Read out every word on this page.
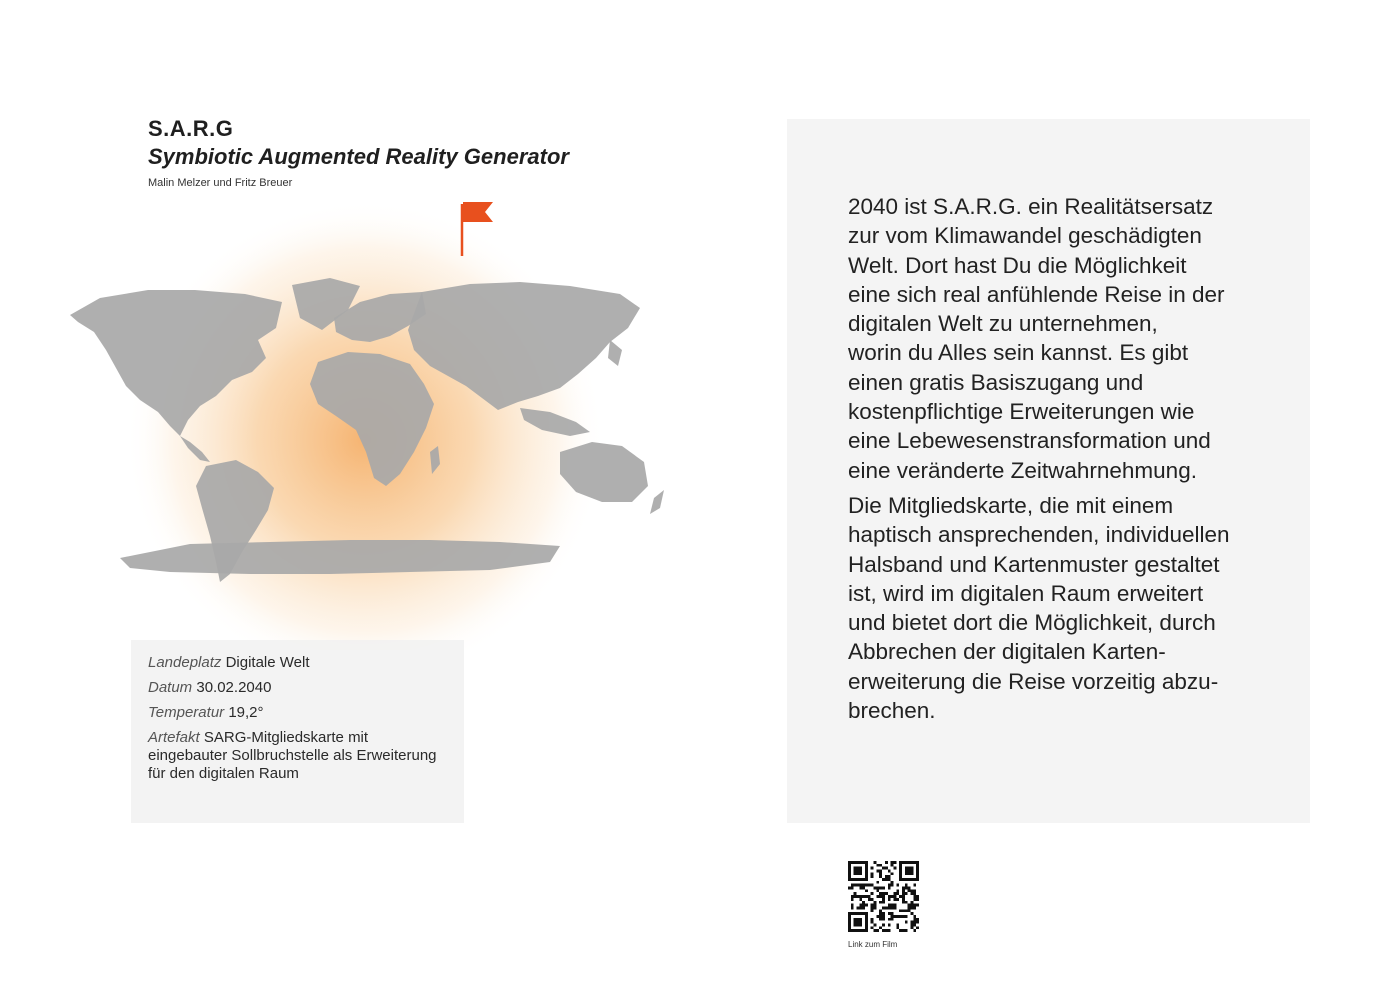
S.A.R.G
Symbiotic Augmented Reality Generator
Malin Melzer und Fritz Breuer
Landeplatz Digitale Welt
Datum 30.02.2040
Temperatur 19,2°
Artefakt SARG-Mitgliedskarte mit eingebauter Sollbruchstelle als Erweiterung für den digitalen Raum

2040 ist S.A.R.G. ein Realitätsersatz
zur vom Klimawandel geschädigten
Welt. Dort hast Du die Möglichkeit
eine sich real anfühlende Reise in der
digitalen Welt zu unternehmen,
worin du Alles sein kannst. Es gibt
einen gratis Basiszugang und
kostenpflichtige Erweiterungen wie
eine Lebewesenstransformation und
eine veränderte Zeitwahrnehmung.

Die Mitgliedskarte, die mit einem
haptisch ansprechenden, individuellen
Halsband und Kartenmuster gestaltet
ist, wird im digitalen Raum erweitert
und bietet dort die Möglichkeit, durch
Abbrechen der digitalen Karten-
erweiterung die Reise vorzeitig abzu-
brechen.

Link zum Film
